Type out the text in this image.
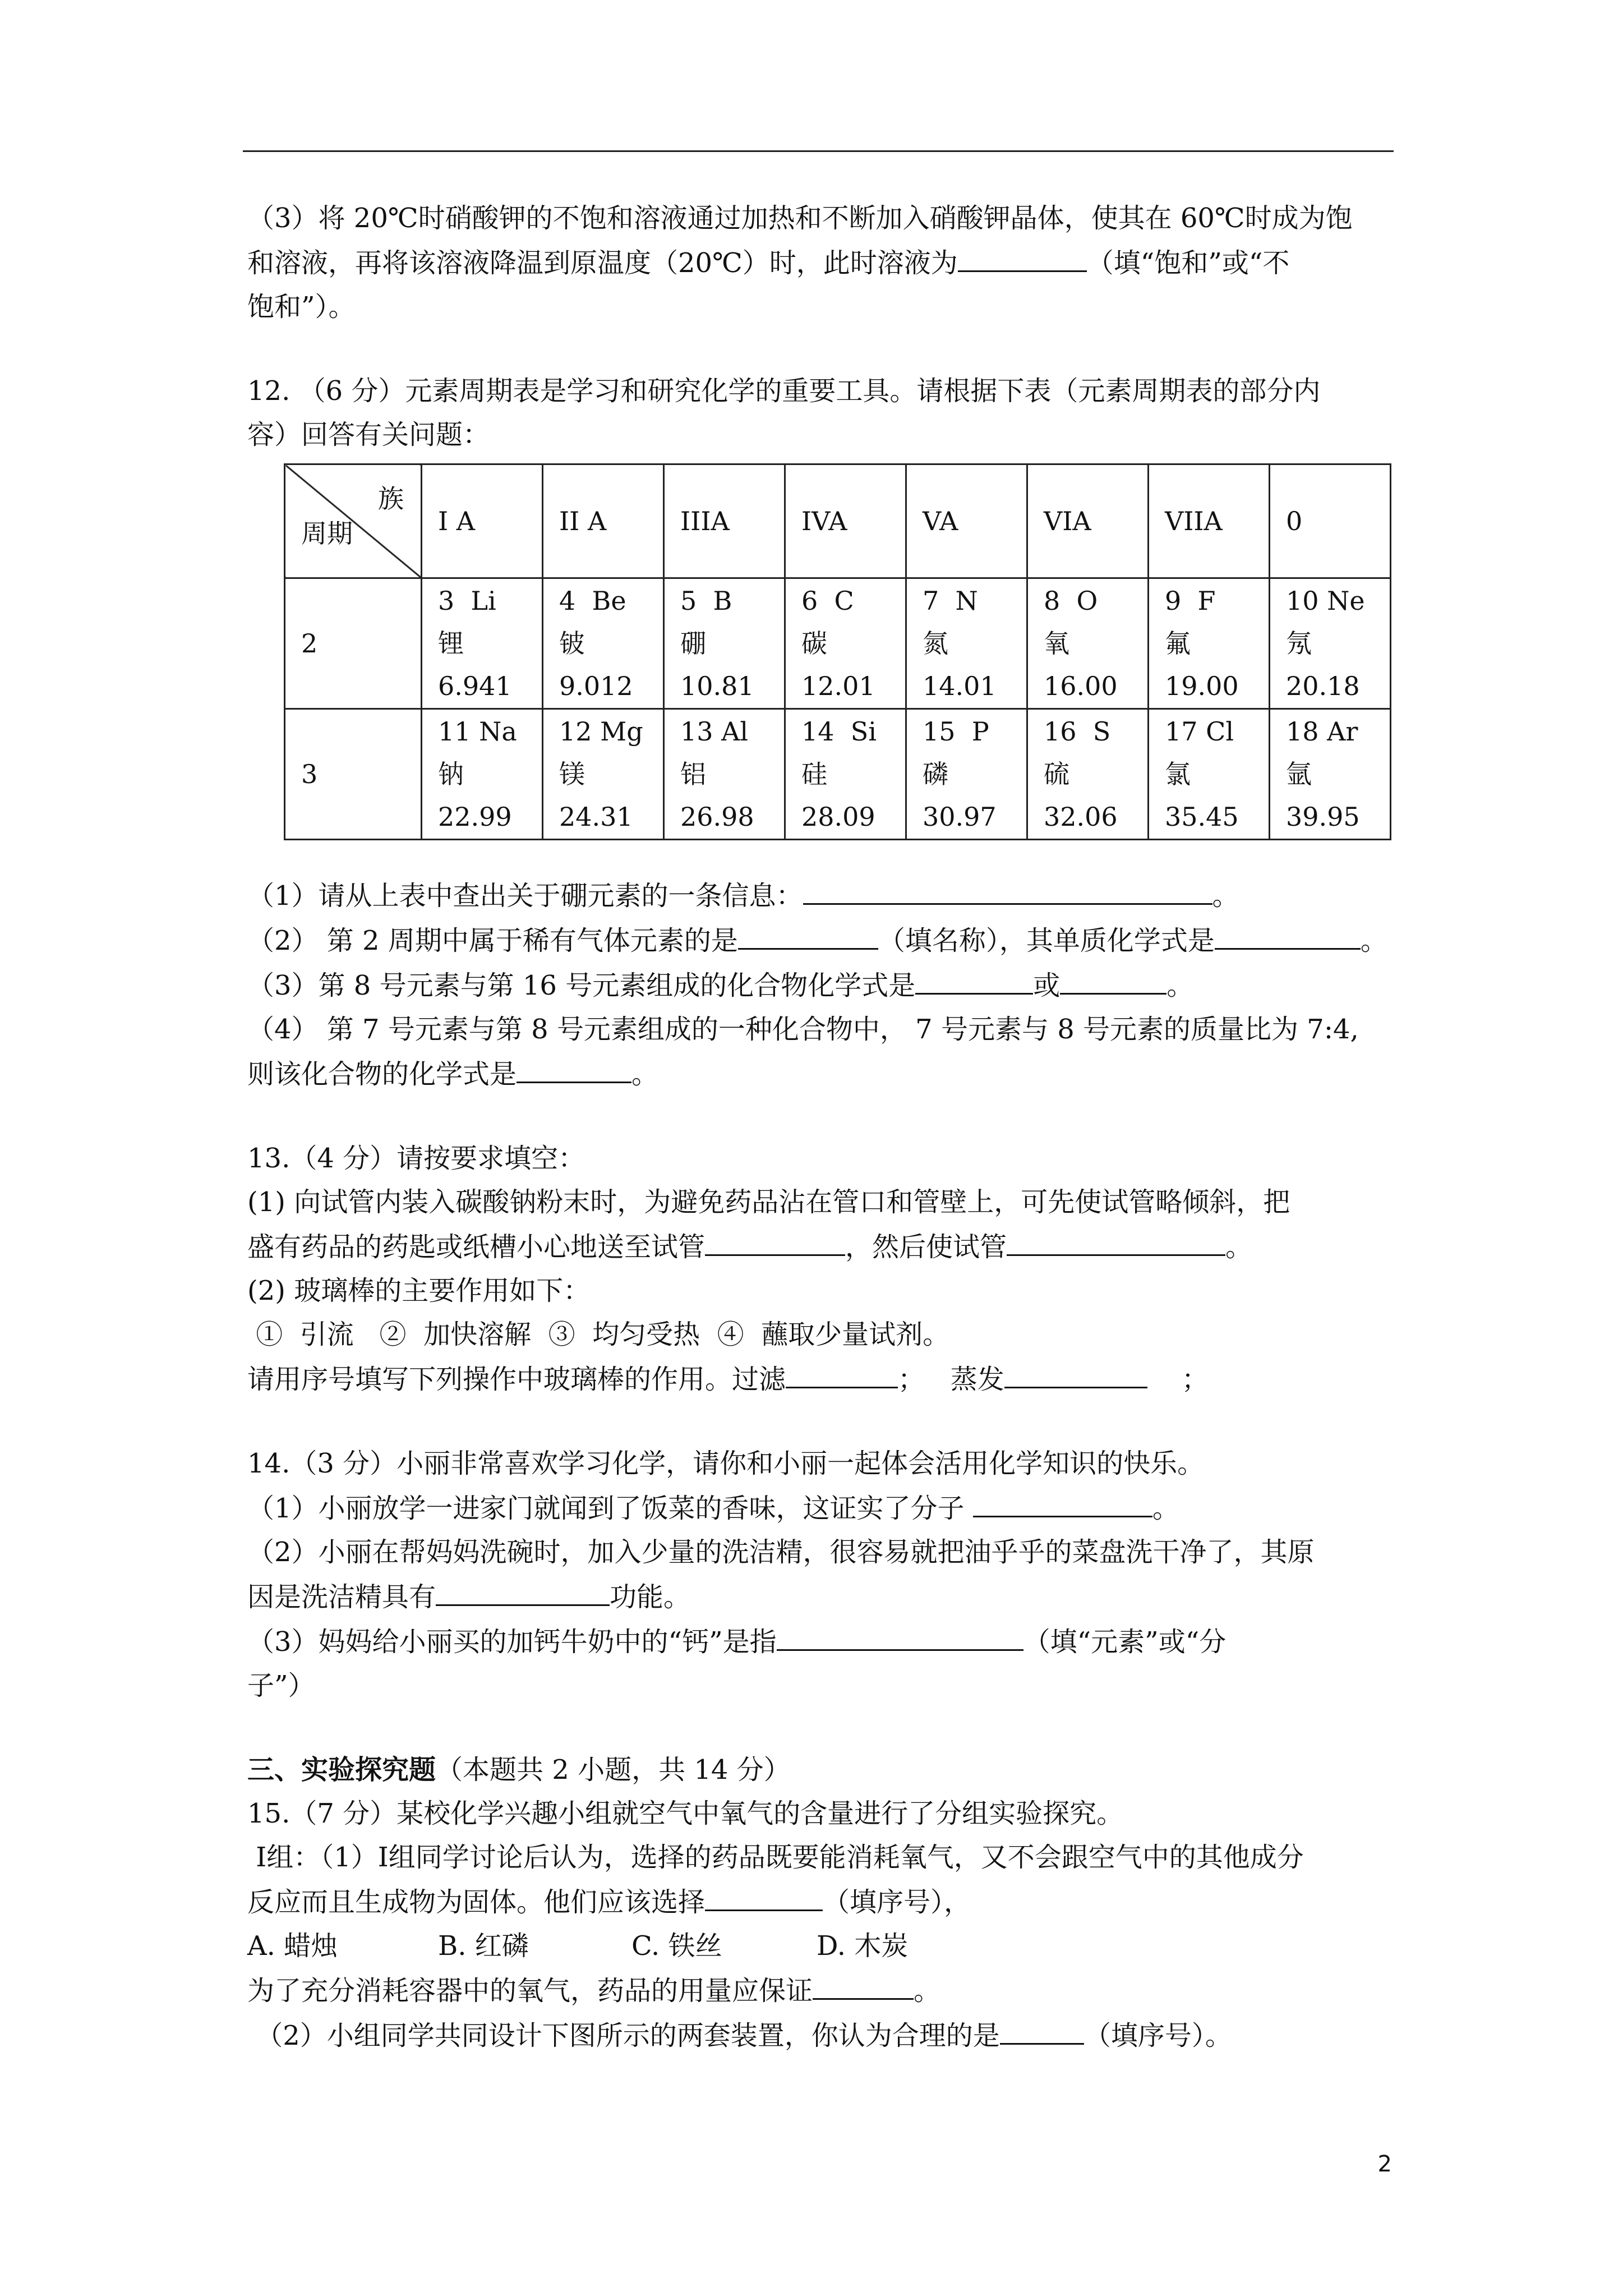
（3）将 20℃时硝酸钾的不饱和溶液通过加热和不断加入硝酸钾晶体，使其在 60℃时成为饱

和溶液，再将该溶液降温到原温度（20℃）时，此时溶液为	（填“饱和”或“不

饱和”）。

12. （6 分）元素周期表是学习和研究化学的重要工具。请根据下表（元素周期表的部分内

容）回答有关问题：

族
周期	I A	II A	IIIA	IVA	VA	VIA	VIIA	0
2	3  Li
锂
6.941	4  Be
铍
9.012	5  B
硼
10.81	6  C
碳
12.01	7  N
氮
14.01	8  O
氧
16.00	9  F
氟
19.00	10 Ne
氖
20.18

3	11 Na
钠
22.99	12 Mg
镁
24.31	13 Al
铝
26.98	14  Si
硅
28.09	15  P
磷
30.97	16  S
硫
32.06	17 Cl
氯
35.45	18 Ar
氩
39.95

（1）请从上表中查出关于硼元素的一条信息：	。

（2） 第 2 周期中属于稀有气体元素的是	（填名称），其单质化学式是	。

（3）第 8 号元素与第 16 号元素组成的化合物化学式是	或	。

（4） 第 7 号元素与第 8 号元素组成的一种化合物中， 7 号元素与 8 号元素的质量比为 7:4,

则该化合物的化学式是	。

13.（4 分）请按要求填空：

(1) 向试管内装入碳酸钠粉末时，为避免药品沾在管口和管壁上，可先使试管略倾斜，把

盛有药品的药匙或纸槽小心地送至试管	，然后使试管	。

(2) 玻璃棒的主要作用如下：

①  引流   ②  加快溶解  ③  均匀受热  ④  蘸取少量试剂。

请用序号填写下列操作中玻璃棒的作用。过滤	；   蒸发	；

14.（3 分）小丽非常喜欢学习化学，请你和小丽一起体会活用化学知识的快乐。

（1）小丽放学一进家门就闻到了饭菜的香味，这证实了分子	。

（2）小丽在帮妈妈洗碗时，加入少量的洗洁精，很容易就把油乎乎的菜盘洗干净了，其原

因是洗洁精具有	功能。

（3）妈妈给小丽买的加钙牛奶中的“钙”是指	（填“元素”或“分

子”）

三、实验探究题（本题共 2 小题，共 14 分）

15.（7 分）某校化学兴趣小组就空气中氧气的含量进行了分组实验探究。

Ⅰ组：（1）Ⅰ组同学讨论后认为，选择的药品既要能消耗氧气，又不会跟空气中的其他成分

反应而且生成物为固体。他们应该选择	（填序号），

A. 蜡烛	B. 红磷	C. 铁丝	D. 木炭

为了充分消耗容器中的氧气，药品的用量应保证	。

（2）小组同学共同设计下图所示的两套装置，你认为合理的是	（填序号）。

2
